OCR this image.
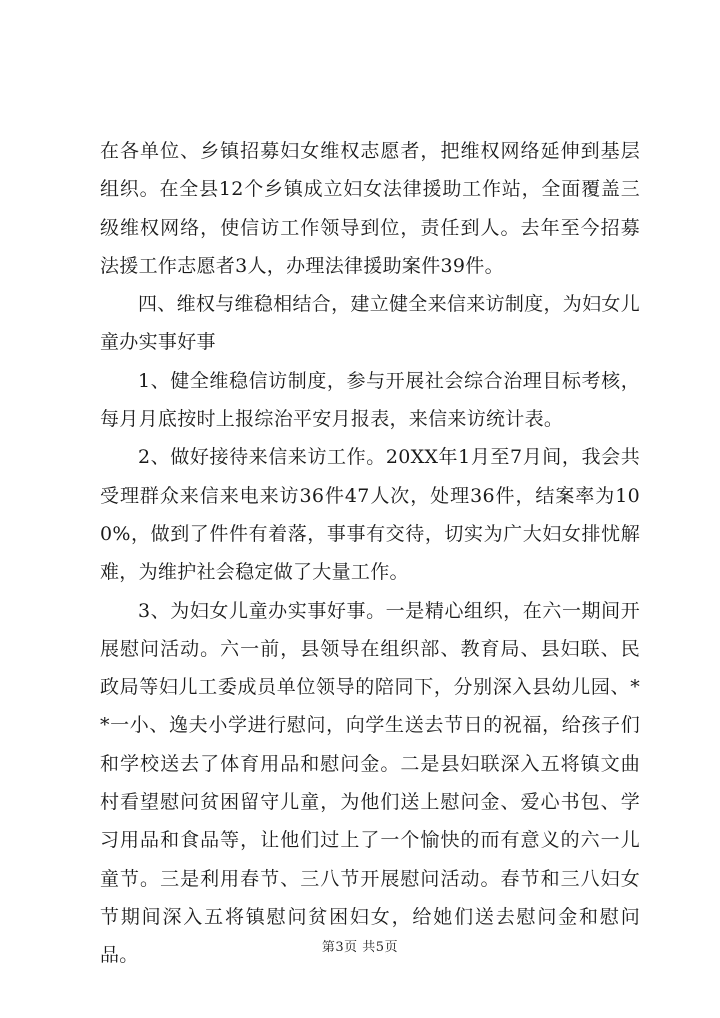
在各单位、乡镇招募妇女维权志愿者，把维权网络延伸到基层组织。在全县12个乡镇成立妇女法律援助工作站，全面覆盖三级维权网络，使信访工作领导到位，责任到人。去年至今招募法援工作志愿者3人，办理法律援助案件39件。

四、维权与维稳相结合，建立健全来信来访制度，为妇女儿童办实事好事

1、健全维稳信访制度，参与开展社会综合治理目标考核，每月月底按时上报综治平安月报表，来信来访统计表。

2、做好接待来信来访工作。20XX年1月至7月间，我会共受理群众来信来电来访36件47人次，处理36件，结案率为100%，做到了件件有着落，事事有交待，切实为广大妇女排忧解难，为维护社会稳定做了大量工作。

3、为妇女儿童办实事好事。一是精心组织，在六一期间开展慰问活动。六一前，县领导在组织部、教育局、县妇联、民政局等妇儿工委成员单位领导的陪同下，分别深入县幼儿园、**一小、逸夫小学进行慰问，向学生送去节日的祝福，给孩子们和学校送去了体育用品和慰问金。二是县妇联深入五将镇文曲村看望慰问贫困留守儿童，为他们送上慰问金、爱心书包、学习用品和食品等，让他们过上了一个愉快的而有意义的六一儿童节。三是利用春节、三八节开展慰问活动。春节和三八妇女节期间深入五将镇慰问贫困妇女，给她们送去慰问金和慰问品。	第3页 共5页
